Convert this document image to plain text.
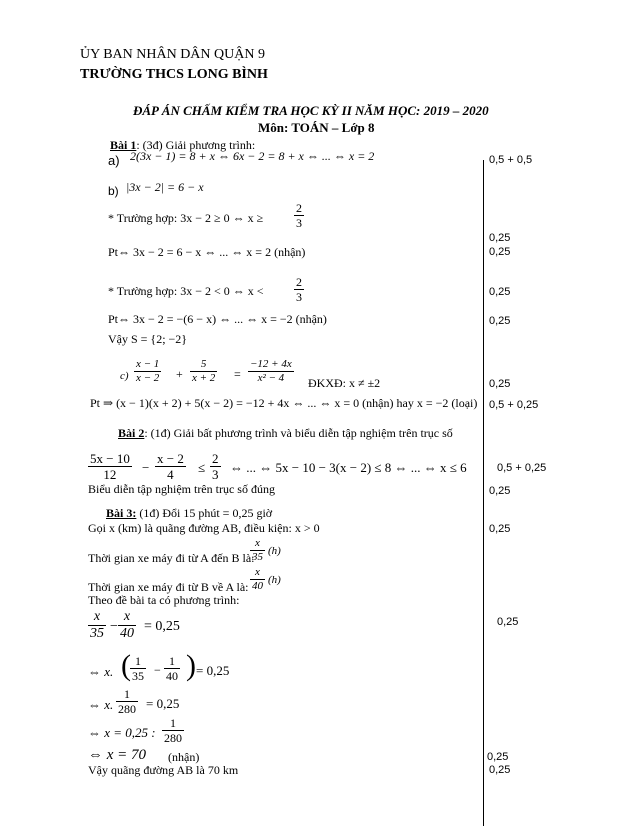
ỦY BAN NHÂN DÂN QUẬN 9
TRƯỜNG THCS LONG BÌNH
ĐÁP ÁN CHẤM KIỂM TRA HỌC KỲ II NĂM HỌC: 2019 – 2020
Môn: TOÁN – Lớp 8
Bài 1: (3đ) Giải phương trình:
a) 2(3x − 1) = 8 + x ⇔ 6x − 2 = 8 + x ⇔ ... ⇔ x = 2	0,5 + 0,5
b) |3x − 2| = 6 − x
* Trường hợp: 3x − 2 ≥ 0 ⇔ x ≥	$\frac{2}{3}$
0,25
Pt⇔ 3x − 2 = 6 − x ⇔ ... ⇔ x = 2 (nhận)	0,25
* Trường hợp: 3x − 2 < 0 ⇔ x <	$\frac{2}{3}$	0,25
Pt⇔ 3x − 2 = −(6 − x) ⇔ ... ⇔ x = −2 (nhận)	0,25
Vậy S = {2; −2}
$c) \frac{x - 1}{x - 2} + \frac{5}{x + 2} = \frac{-12 + 4x}{\text{x² − 4}}$ ĐKXĐ: x ≠ ±2	0,25
Pt ⇒ (x − 1)(x + 2) + 5(x − 2) = −12 + 4x ⇔ ... ⇔ x = 0 (nhận) hay x = −2 (loại) 0,5 + 0,25
Bài 2: (1đ) Giải bất phương trình và biểu diễn tập nghiệm trên trục số
$\frac{5x - 10}{12} - \frac{x - 2}{4} \le \frac{2}{3}$ ⇔ ... ⇔ 5x − 10 − 3(x − 2) ≤ 8 ⇔ ... ⇔ x ≤ 6	0,5 + 0,25
Biểu diễn tập nghiệm trên trục số đúng	0,25
Bài 3: (1đ) Đổi 15 phút = 0,25 giờ
Gọi x (km) là quãng đường AB, điều kiện: x > 0	0,25
Thời gian xe máy đi từ A đến B là:
$\frac{x}{35} (h)$
Thời gian xe máy đi từ B về A là: $\frac{x}{40} (h)$
Theo đề bài ta có phương trình:
$\frac{x}{35} - \frac{x}{40} = 0,25$	0,25
⇔ x. ( $\frac{1}{35} - \frac{1}{40}$ ) = 0,25
⇔ x. $\frac{1}{280} = 0,25$
⇔ x = 0,25 : $\frac{1}{280}$
⇔ x = 70 (nhận)	0,25
Vậy quãng đường AB là 70 km	0,25
